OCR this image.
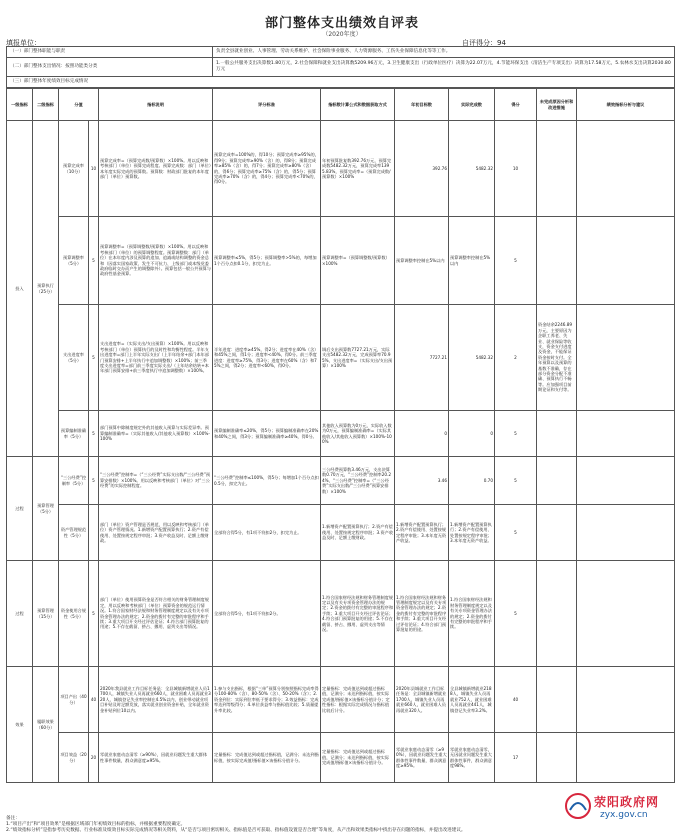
部门整体支出绩效自评表
（2020年度）
填报单位：	自评得分：94
（一）部门整体职能与职责	负责全县就业创业、人事管理、劳动关系维护、社会保险事业服务、人力资源服务、工伤失业保障信息化等等工作。
（二）部门整体支出情况：按照功能类分类	1.一般公共服务支出决算数1.80万元，2.社会保障和就业支出决算数5209.96万元，3.卫生健康支出（行政单位医疗）决算为22.07万元，4.节能环保支出（清洁生产专项支出）决算为17.58万元，5.农林水支出决算2030.80万元
（三）部门整体年度绩效目标完成情况	
一级指标	二级指标	分值		指标说明	评分标准	指标数计算公式和数据获取方式	年初目标数	实际完成数	得分	未完成原因分析和改进措施	绩效指标分析与建议
投入	预算执行（25分）	预算完成率（10分）	10	预算完成率=（预算完成数/预算数）×100%。用以反映和考核部门（单位）预算完成程度。预算完成数：部门（单位）本年度实际完成的预算数。预算数：财政部门批复的本年度部门（单位）预算数。	预算完成率=100%的，得10分；预算完成率≥95%的，得9分；预算完成率≥90%（含）的，得8分；预算完成率≥85%（含）的，得7分；预算完成率≥80%（含）的，得6分；预算完成率≥75%（含）的，得5分；预算完成率≥70%（含）的，得4分；预算完成率<70%的，得0分。	年初预算批复数392.76万元，预算完成数5482.32万元，预算完成率1395.83%，预算完成率=（预算完成数/预算数）×100%	392.76	5482.32	10		
		预算调整率（5分）	5	预算调整率=（预算调整数/预算数）×100%。用以反映和考核部门（单位）的预算调整程度。预算调整数：部门（单位）在本年度内涉及预算的追加、追减或结构调整的资金总和（因落实国家政策、发生不可抗力、上级部门或本级党委政府临时交办而产生的调整除外）。预算包括一般公共预算与政府性基金预算。	预算调整率≤5%，得5分；预算调整率>5%的，每增加1个百分点扣0.1分，扣完为止。	预算调整率=（预算调整数/预算数）×100%	预算调整率控制在5%以内	预算调整率控制在5%以内	5		
		支出进度率（5分）	5	支出进度率=（实际支出/支出预算）×100%。用以反映和考核部门（单位）预算执行的及时性和均衡性程度。半年支出进度率=部门上半年实际支出/（上半年结余+部门本年部门预算安排+上半年执行中追加调整数）×100%；前三季度支出进度率=部门前三季度实际支出/（上年结余结转+本年部门预算安排+前三季度执行中追加调整数）×100%。	半年进度：进度率≥45%，得2分；进度率在40%（含）和45%之间，得1分；进度率<40%，得0分。前三季度进度：进度率≥75%，得3分；进度率在60%（含）和75%之间，得2分；进度率<60%，得0分。	调后支出预算数7727.21万元，实际支出5482.32万元，完成预算率70.95%，支出进度率=（实际支出/支出预算）×100%	7727.21	5482.32	2	资金结余2246.89万元，主要原因为企职工养老、失业、就业保险等收支，资金支付进度及资金，不能保证资金按时支付。全年预算以及预算的基数不准确，存在部分资金分配不准确、预算执行不畅等。应加强项目前期论证和支付等。	
		预算编制准确率（5分）	5	部门预算中除制度规定外的其他收入预算与实际差异率。预算编制准确率=（实际其他收入/其他收入预算数）×100%-100%	预算编制准确率≤20%，得5分；预算编制准确率在20%和40%之间，得3分；预算编制准确率≥40%，得0分。	其他收入预算数为0万元，实际收入数为0万元，预算编制准确率=（实际其他收入/其他收入预算数）×100%-100%	0	0	5		
过程	预算管理（5分）	“三公经费”控制率（5分）	5	“三公经费”控制率=（“三公经费”实际支出数/“三公经费”预算安排数）×100%。用以反映和考核部门（单位）对“三公经费”的实际控制程度。	“三公经费”控制率≤100%，得5分；每增加1个百分点扣0.5分，扣完为止。	三公经费预算数3.46万元，支出决算数0.70万元，“三公经费”控制率20.24%，“三公经费”控制率=（“三公经费”实际支出数/“三公经费”预算安排数）×100%	3.46	0.70	5		
		资产管理规范性（5分）		部门（单位）资产管理是否规范，用以反映和考核部门（单位）资产管理情况。1.新增资产配置预算执行；2.资产有偿使用、处置按规定程序审批；3.资产收益及时、足额上缴财政。	全部符合得5分，有1项不符扣2分，扣完为止。	1.新增资产配置预算执行；2.资产有偿使用、处置按规定程序审批；3.资产收益及时、足额上缴财政。	1.新增资产配置预算执行；2.资产有偿使用、处置按规定程序审批；3.本年度无资产收益。	1.新增资产配置预算执行；2.资产有偿使用、处置按规定程序审批；3.本年度无资产收益。	5		
过程	预算管理（15分）	资金使用合规性（5分）	5	部门（单位）使用预算资金是否符合相关的财务管理制度规定，用以反映和考核部门（单位）预算资金的规范运行情况。1.符合国家财经法规和财务管理制度规定以及有关专项资金管理办法的规定；2.资金的拨付有完整的审批程序和手续；3.重大项目开支经过评估论证；4.符合部门预算批复的用途；5.不存在截留、挤占、挪用、虚列支出等情况。	全部符合得5分，有1项不符扣2分。	1.符合国家财经法规和财务管理制度规定以及有关专项资金管理办法的规定；2.资金的拨付有完整的审批程序和手续；3.重大项目开支经过评估论证；4.符合部门预算批复的用途；5.不存在截留、挤占、挪用、虚列支出等情况。	1.符合国家财经法规和财务管理制度规定以及有关专项资金管理办法的规定；2.资金的拨付有完整的审批程序和手续；3.重大项目开支经过评估论证；4.符合部门预算批复的用途。	1.符合国家财经法规和财务管理制度规定以及有关专项资金管理办法的规定；2.资金的拨付有完整的审批程序和手续。	5		
效果	履职效果（60分）	项目产出（40分）	40	2020年我县就业工作目标任务是：全县城镇新增就业人员1700人，城镇失业人员再就业660人，就业困难人员再就业320人，城镇登记失业率控制在4.5%以内，创业带动就业项目补贴及时足额发放，落实就业创业资金补贴，全年就业资金补贴到位10以内。	1.参与支出指标，根据“三单”预算分别按照指标完成率得分100-80%（含）、80-50%（含）、50-20%（含）；2.资金到位：实际到位率低于要求得分；3.效益指标：完成率达到等级得分；4.单位获益率与指标值比较；5.质量提升率比较。	定量指标：完成值达到或超过指标值，记满分；未达到指标值，按实际完成值/指标值×该指标分值计分；定性指标：根据实际完成情况与指标值比较后计分。	2020年县城就业工作目标任务是：全县城镇新增就业1700人，城镇失业人员再就业660人，就业困难人员再就业320人。	全县城镇新增就业2188人，城镇失业人员再就业752人，就业困难人员再就业441人，城镇登记失业率3.2%。	40		
		项目效益（20分）	20	零就业家庭动态清零（≥90%），因就业问题发生重大群体性事件数量，群众满意度≥95%。	定量指标：完成值达到或超过指标值，记满分；未达到指标值，按实际完成值/指标值×该指标分值计分。	定量指标：完成值达到或超过指标值，记满分；未达到指标值，按实际完成值/指标值×该指标分值计分。	零就业家庭动态清零（≥90%），因就业问题发生重大群体性事件数量，群众满意度≥95%。	零就业家庭动态清零，无因就业问题发生重大群体性事件，群众满意度98%。	17		
备注：
1.“项目产出”和“项目效果”是根据区域部门年初绩效目标的指标，并根据重要程度确定。
2.“绩效指标分析”是指参考历史数据、行业标准及绩效目标实际完成情况等相关资料，从“是否与项目密切相关、指标值是否可获取、指标值设置是否合理”等角度，从产出和效果类指标中找出存在问题的指标，并提出改进建议。
荥阳政府网
zyx.gov.cn
